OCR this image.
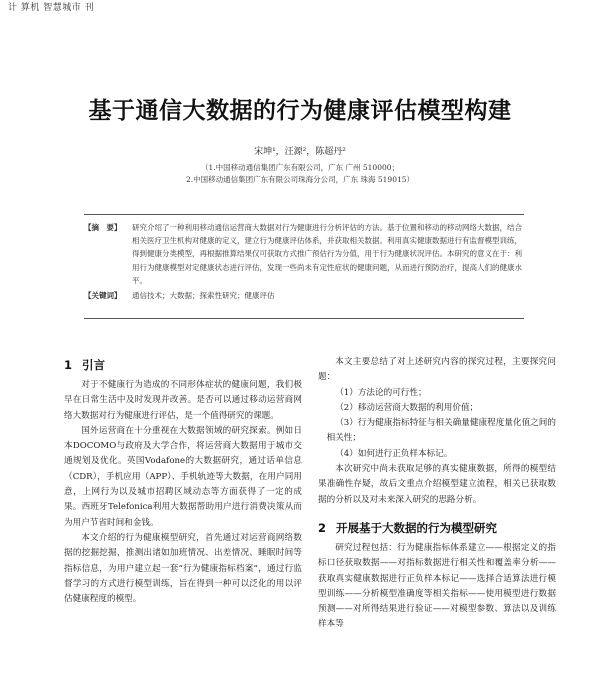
计 算机 智慧城市 刊
基于通信大数据的行为健康评估模型构建
宋坤¹，汪源²，陈超丹²
（1.中国移动通信集团广东有限公司，广东 广州 510000；
2.中国移动通信集团广东有限公司珠海分公司，广东 珠海 519015）
【摘　要】	研究介绍了一种利用移动通信运营商大数据对行为健康进行分析评估的方法。基于位置和移动的移动网络大数据，结合相关医疗卫生机构对健康的定义，建立行为健康评估体系，并获取相关数据。利用真实健康数据进行有监督模型训练，得到健康分类模型，再根据推算结果仅可获取方式推广预估行为分值，用于行为健康状况评估。本研究的意义在于：利用行为健康模型对定健康状态进行评估，发现一些尚未有定性症状的健康问题，从而进行预防治疗，提高人们的健康水平。
【关键词】	通信技术；大数据；探索性研究；健康评估
1 引言

对于不健康行为造成的不同形体症状的健康问题，我们极早在日常生活中及时发现并改善。是否可以通过移动运营商网络大数据对行为健康进行评估，是一个值得研究的课题。

国外运营商在十分重视在大数据领域的研究探索。例如日本DOCOMO与政府及大学合作，将运营商大数据用于城市交通规划及优化。英国Vodafone的大数据研究，通过话单信息（CDR），手机应用（APP）、手机轨迹等大数据，在用户同用意，上网行为以及城市招聘区域动态等方面获得了一定的成果。西班牙Telefonica利用大数据帮助用户进行消费决策从而为用户节省时间和金钱。

本文介绍的行为健康模型研究，首先通过对运营商网络数据的挖掘挖掘，推测出诸如加班情况、出差情况、睡眠时间等指标信息，为用户建立起一套“行为健康指标档案”，通过行监督学习的方式进行模型训练，旨在得到一种可以泛化的用以评估健康程度的模型。

本文主要总结了对上述研究内容的探究过程，主要探究问题：

（1）方法论的可行性；

（2）移动运营商大数据的利用价值；

（3）行为健康指标特征与相关确量健康程度量化值之间的相关性；

（4）如何进行正负样本标记。

本次研究中尚未获取足够的真实健康数据，所得的模型结果准确性存疑，故后文重点介绍模型建立流程，相关已获取数据的分析以及对未来深入研究的思路分析。

2 开展基于大数据的行为模型研究

研究过程包括：行为健康指标体系建立——根据定义的指标口径获取数据——对指标数据进行相关性和覆盖率分析——获取真实健康数据进行正负样本标记——选择合适算法进行模型训练——分析模型准确度等相关指标——使用模型进行数据预测——对所得结果进行验证——对模型参数、算法以及训练样本等
